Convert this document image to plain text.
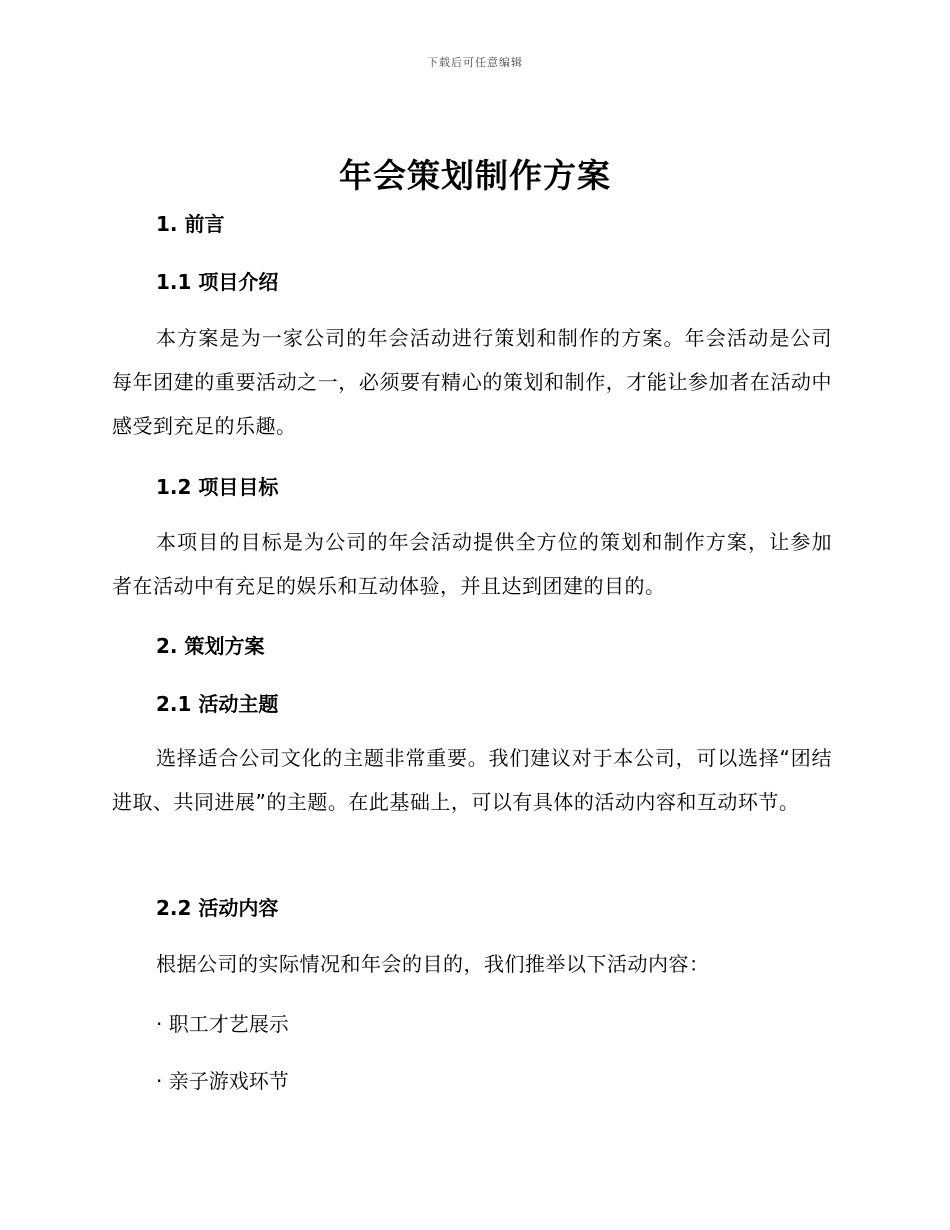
下载后可任意编辑
年会策划制作方案
1. 前言
1.1 项目介绍

本方案是为一家公司的年会活动进行策划和制作的方案。年会活动是公司每年团建的重要活动之一，必须要有精心的策划和制作，才能让参加者在活动中感受到充足的乐趣。

1.2 项目目标

本项目的目标是为公司的年会活动提供全方位的策划和制作方案，让参加者在活动中有充足的娱乐和互动体验，并且达到团建的目的。

2. 策划方案
2.1 活动主题

选择适合公司文化的主题非常重要。我们建议对于本公司，可以选择“团结进取、共同进展”的主题。在此基础上，可以有具体的活动内容和互动环节。

2.2 活动内容

根据公司的实际情况和年会的目的，我们推举以下活动内容：

· 职工才艺展示

· 亲子游戏环节
